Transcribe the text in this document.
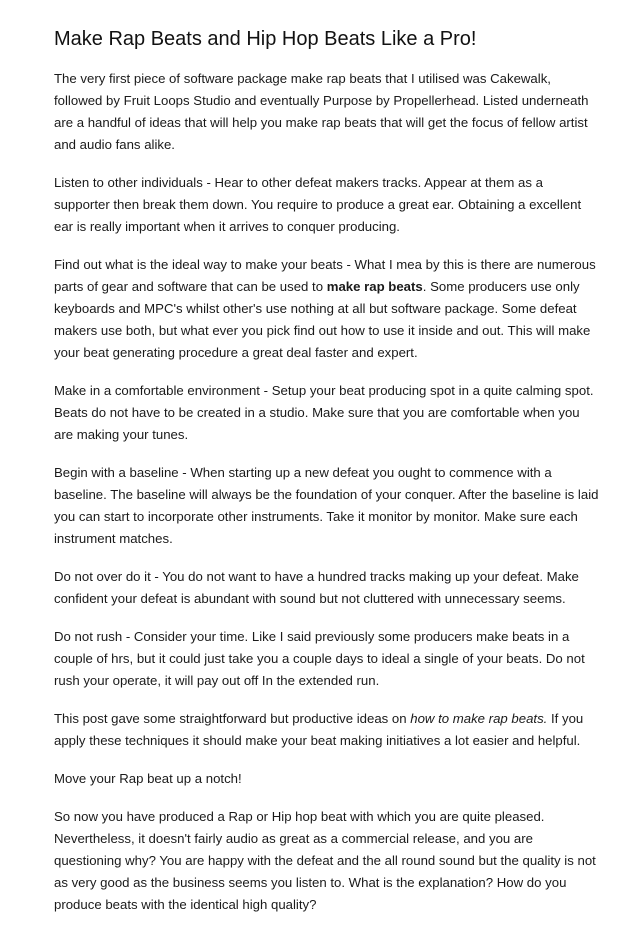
Make Rap Beats and Hip Hop Beats Like a Pro!

The very first piece of software package make rap beats that I utilised was Cakewalk, followed by Fruit Loops Studio and eventually Purpose by Propellerhead. Listed underneath are a handful of ideas that will help you make rap beats that will get the focus of fellow artist and audio fans alike.

Listen to other individuals - Hear to other defeat makers tracks. Appear at them as a supporter then break them down. You require to produce a great ear. Obtaining a excellent ear is really important when it arrives to conquer producing.

Find out what is the ideal way to make your beats - What I mea by this is there are numerous parts of gear and software that can be used to make rap beats. Some producers use only keyboards and MPC's whilst other's use nothing at all but software package. Some defeat makers use both, but what ever you pick find out how to use it inside and out. This will make your beat generating procedure a great deal faster and expert.

Make in a comfortable environment - Setup your beat producing spot in a quite calming spot. Beats do not have to be created in a studio. Make sure that you are comfortable when you are making your tunes.

Begin with a baseline - When starting up a new defeat you ought to commence with a baseline. The baseline will always be the foundation of your conquer. After the baseline is laid you can start to incorporate other instruments. Take it monitor by monitor. Make sure each instrument matches.

Do not over do it - You do not want to have a hundred tracks making up your defeat. Make confident your defeat is abundant with sound but not cluttered with unnecessary seems.

Do not rush - Consider your time. Like I said previously some producers make beats in a couple of hrs, but it could just take you a couple days to ideal a single of your beats. Do not rush your operate, it will pay out off In the extended run.

This post gave some straightforward but productive ideas on how to make rap beats. If you apply these techniques it should make your beat making initiatives a lot easier and helpful.

Move your Rap beat up a notch!

So now you have produced a Rap or Hip hop beat with which you are quite pleased. Nevertheless, it doesn't fairly audio as great as a commercial release, and you are questioning why? You are happy with the defeat and the all round sound but the quality is not as very good as the business seems you listen to. What is the explanation? How do you produce beats with the identical high quality?
